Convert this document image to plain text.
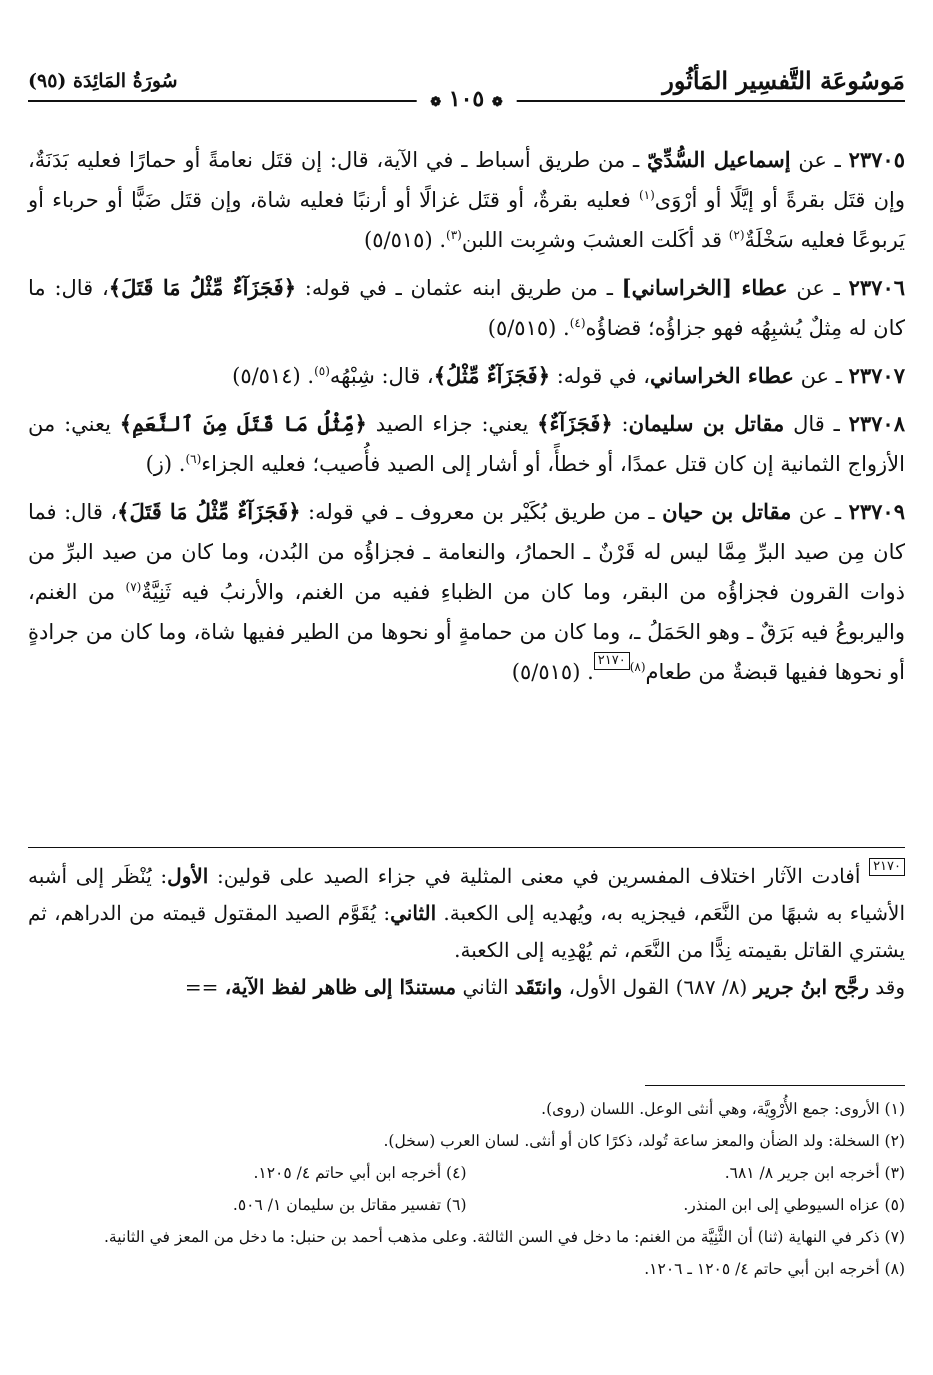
مَوسُوعَة التَّفسِير المَأثُور
سُورَةُ المَائِدَة (٩٥)
❁ ١٠٥ ❁

٢٣٧٠٥ ـ عن إسماعيل السُّدِّيّ ـ من طريق أسباط ـ في الآية، قال: إن قتَل نعامةً أو حمارًا فعليه بَدَنَةٌ، وإن قتَل بقرةً أو إيَّلًا أو أرْوَى$^{(١)}$ فعليه بقرةٌ، أو قتَل غزالًا أو أرنبًا فعليه شاة، وإن قتَل ضَبًّا أو حرباء أو يَربوعًا فعليه سَخْلَةٌ$^{(٢)}$ قد أكَلت العشبَ وشرِبت اللبن$^{(٣)}$. (٥/٥١٥)

٢٣٧٠٦ ـ عن عطاء [الخراساني] ـ من طريق ابنه عثمان ـ في قوله: ﴿فَجَزَآءٌ مِّثْلُ مَا قَتَلَ﴾، قال: ما كان له مِثلٌ يُشبِهُه فهو جزاؤُه؛ قضاؤُه$^{(٤)}$. (٥/٥١٥)

٢٣٧٠٧ ـ عن عطاء الخراساني، في قوله: ﴿فَجَزَآءٌ مِّثْلُ﴾، قال: شِبْهُه$^{(٥)}$. (٥/٥١٤)

٢٣٧٠٨ ـ قال مقاتل بن سليمان: ﴿فَجَزَآءٌ﴾ يعني: جزاء الصيد ﴿مِّثْلُ مَا قَتَلَ مِنَ ٱلنَّعَمِ﴾ يعني: من الأزواج الثمانية إن كان قتل عمدًا، أو خطأً، أو أشار إلى الصيد فأُصيب؛ فعليه الجزاء$^{(٦)}$. (ز)

٢٣٧٠٩ ـ عن مقاتل بن حيان ـ من طريق بُكَيْر بن معروف ـ في قوله: ﴿فَجَزَآءٌ مِّثْلُ مَا قَتَلَ﴾، قال: فما كان مِن صيد البرِّ مِمَّا ليس له قَرْنٌ ـ الحمارُ، والنعامة ـ فجزاؤُه من البُدن، وما كان من صيد البرِّ من ذوات القرون فجزاؤُه من البقر، وما كان من الظباءِ ففيه من الغنم، والأرنبُ فيه ثَنِيَّةٌ$^{(٧)}$ من الغنم، واليربوعُ فيه بَرَقٌ ـ وهو الحَمَلُ ـ، وما كان من حمامةٍ أو نحوها من الطير ففيها شاة، وما كان من جرادةٍ أو نحوها ففيها قبضةٌ من طعام$^{(٨)}$٢١٧٠. (٥/٥١٥)

٢١٧٠ أفادت الآثار اختلاف المفسرين في معنى المثلية في جزاء الصيد على قولين: الأول: يُنْظَر إلى أشبه الأشياء به شبهًا من النَّعَم، فيجزيه به، ويُهديه إلى الكعبة. الثاني: يُقَوَّم الصيد المقتول قيمته من الدراهم، ثم يشتري القاتل بقيمته نِدًّا من النَّعَم، ثم يُهْدِيه إلى الكعبة.

وقد رجَّح ابنُ جرير (٨/ ٦٨٧) القول الأول، وانتَقَد الثاني مستندًا إلى ظاهر لفظ الآية، ==

(١) الأروى: جمع الأُرْوِيَّة، وهي أنثى الوعل. اللسان (روى).

(٢) السخلة: ولد الضأن والمعز ساعة تُولد، ذكرًا كان أو أنثى. لسان العرب (سخل).

(٣) أخرجه ابن جرير ٨/ ٦٨١.

(٤) أخرجه ابن أبي حاتم ٤/ ١٢٠٥.

(٥) عزاه السيوطي إلى ابن المنذر.

(٦) تفسير مقاتل بن سليمان ١/ ٥٠٦.

(٧) ذكر في النهاية (ثنا) أن الثَّنِيَّة من الغنم: ما دخل في السن الثالثة. وعلى مذهب أحمد بن حنبل: ما دخل من المعز في الثانية.

(٨) أخرجه ابن أبي حاتم ٤/ ١٢٠٥ ـ ١٢٠٦.
